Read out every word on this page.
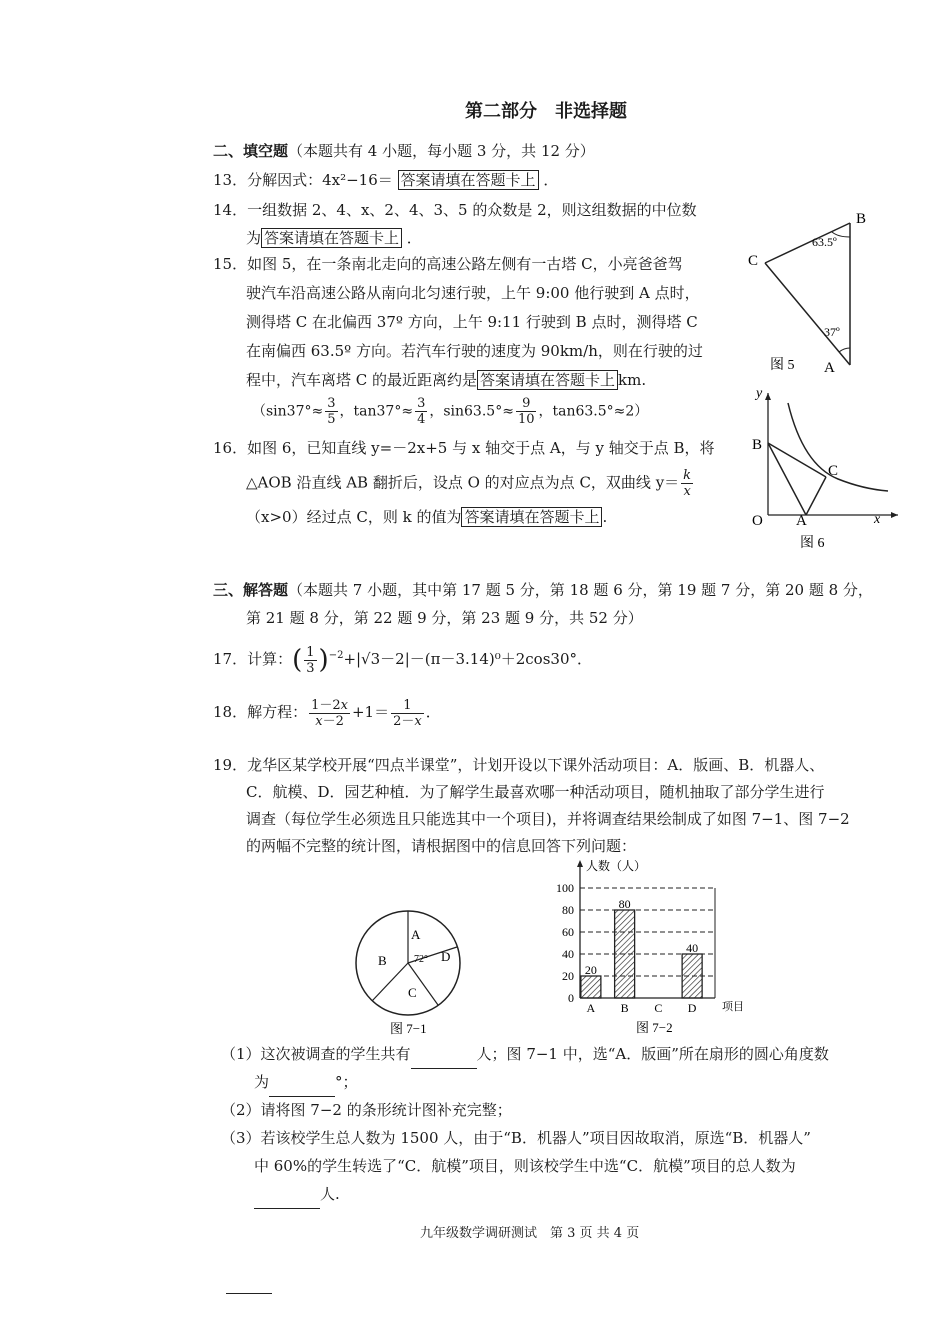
第二部分　非选择题
二、填空题（本题共有 4 小题，每小题 3 分，共 12 分）
13．分解因式：4x²−16＝ 答案请填在答题卡上 ．
14．一组数据 2、4、x、2、4、3、5 的众数是 2，则这组数据的中位数
为 答案请填在答题卡上 ．
15．如图 5，在一条南北走向的高速公路左侧有一古塔 C，小亮爸爸驾
驶汽车沿高速公路从南向北匀速行驶，上午 9:00 他行驶到 A 点时，
测得塔 C 在北偏西 37º 方向，上午 9:11 行驶到 B 点时，测得塔 C
在南偏西 63.5º 方向。若汽车行驶的速度为 90km/h，则在行驶的过
程中，汽车离塔 C 的最近距离约是 答案请填在答题卡上 km.
（$\sin 37^\circ\approx \frac{3}{5}$ ，$\tan 37^\circ\approx \frac{3}{4}$ ，$\sin 63.5^\circ\approx \frac{9}{10}$ ，tan63.5°≈2）
16．如图 6，已知直线 y=－2x+5 与 x 轴交于点 A，与 y 轴交于点 B，将
△AOB 沿直线 AB 翻折后，设点 O 的对应点为点 C，双曲线 $y= \frac{k}{x}$
（x>0）经过点 C，则 k 的值为 答案请填在答题卡上 .
B
C
63.5º
37º
A
图 5
y
B
C
O A	x
图 6
三、解答题（本题共 7 小题，其中第 17 题 5 分，第 18 题 6 分，第 19 题 7 分，第 20 题 8 分，
第 21 题 8 分，第 22 题 9 分，第 23 题 9 分，共 52 分）
17．计算：( $\frac{1}{3} )^{-2}+|√3-2|-(\pi-3.14)^0+2\cos 30^\circ$．
18．解方程： $\frac{1-2x}{x-2} +1= \frac{1}{2-x}$ ．
19．龙华区某学校开展“四点半课堂”，计划开设以下课外活动项目：A．版画、B．机器人、
C．航模、D．园艺种植．为了解学生最喜欢哪一种活动项目，随机抽取了部分学生进行
调查（每位学生必须选且只能选其中一个项目)，并将调查结果绘制成了如图 7−1、图 7−2
的两幅不完整的统计图，请根据图中的信息回答下列问题：
A
B
C
D
72°
图 7−1
0
20
40
60
80
100
20
A
80
B C
40
D
人数（人）
项目
图 7−2
（1）这次被调查的学生共有	人；图 7−1 中，选“A．版画”所在扇形的圆心角度数
为	°；
（2）请将图 7−2 的条形统计图补充完整；
（3）若该校学生总人数为 1500 人，由于“B．机器人”项目因故取消，原选“B．机器人”
中 60%的学生转选了“C．航模”项目，则该校学生中选“C．航模”项目的总人数为
人.
九年级数学调研测试　第 3 页 共 4 页
